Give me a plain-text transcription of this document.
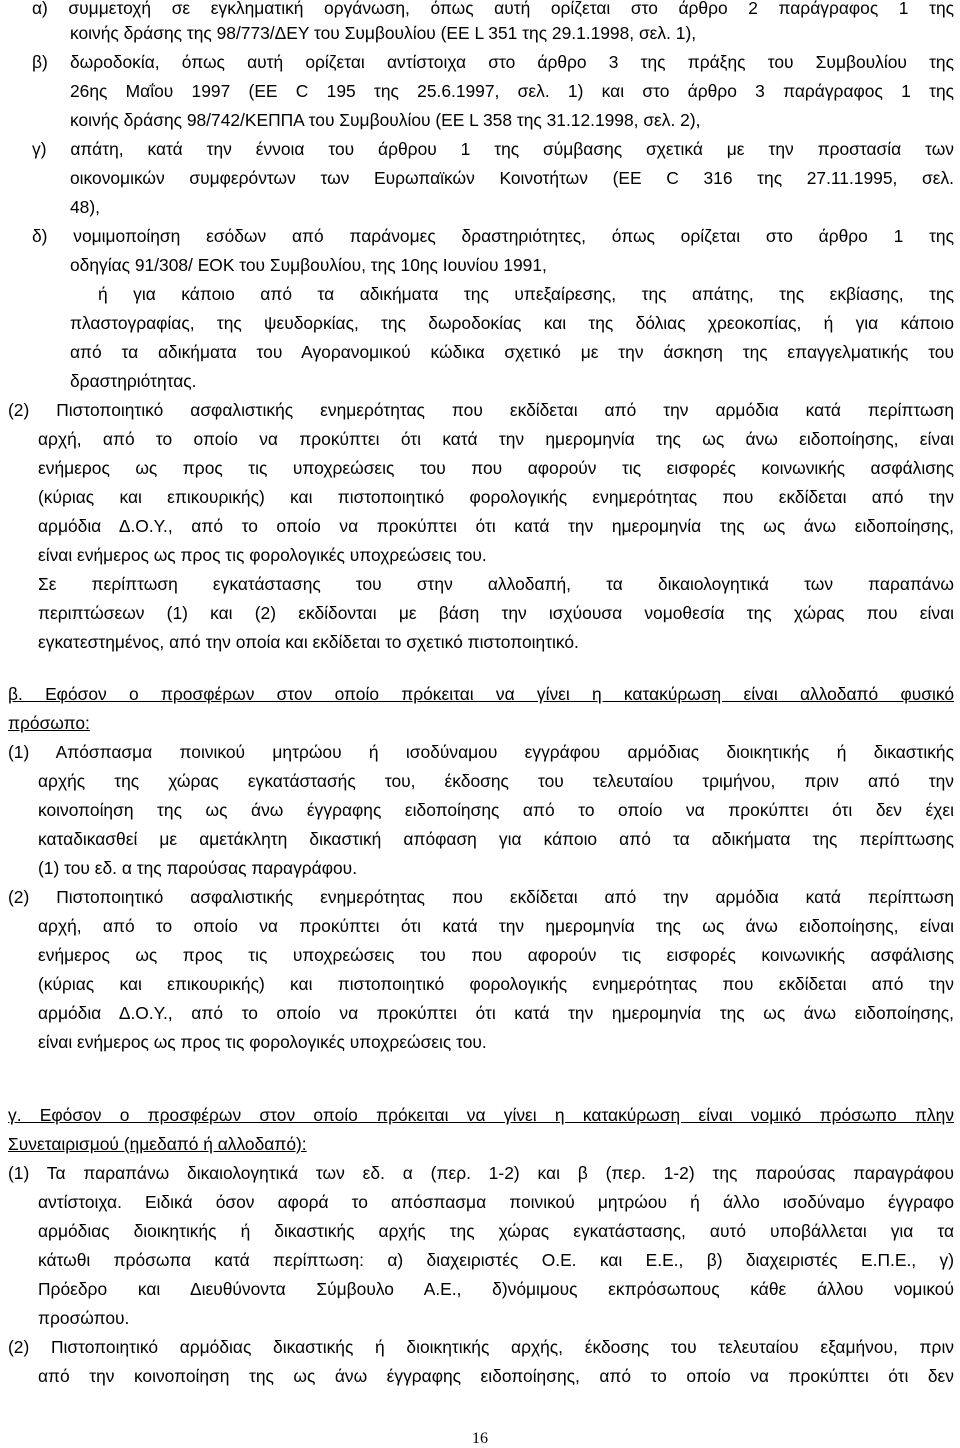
α) συμμετοχή σε εγκληματική οργάνωση, όπως αυτή ορίζεται στο άρθρο 2 παράγραφος 1 της
κοινής δράσης της 98/773/ΔΕΥ του Συμβουλίου (ΕΕ L 351 της 29.1.1998, σελ. 1),
β) δωροδοκία, όπως αυτή ορίζεται αντίστοιχα στο άρθρο 3 της πράξης του Συμβουλίου της
26ης Μαΐου 1997 (ΕΕ C 195 της 25.6.1997, σελ. 1) και στο άρθρο 3 παράγραφος 1 της
κοινής δράσης 98/742/ΚΕΠΠΑ του Συμβουλίου (ΕΕ L 358 της 31.12.1998, σελ. 2),
γ) απάτη, κατά την έννοια του άρθρου 1 της σύμβασης σχετικά με την προστασία των
οικονομικών συμφερόντων των Ευρωπαϊκών Κοινοτήτων (ΕΕ C 316 της 27.11.1995, σελ.
48),
δ) νομιμοποίηση εσόδων από παράνομες δραστηριότητες, όπως ορίζεται στο άρθρο 1 της
οδηγίας 91/308/ ΕΟΚ του Συμβουλίου, της 10ης Ιουνίου 1991,
ή για κάποιο από τα αδικήματα της υπεξαίρεσης, της απάτης, της εκβίασης, της
πλαστογραφίας, της ψευδορκίας, της δωροδοκίας και της δόλιας χρεοκοπίας, ή για κάποιο
από τα αδικήματα του Αγορανομικού κώδικα σχετικό με την άσκηση της επαγγελματικής του
δραστηριότητας.
(2) Πιστοποιητικό ασφαλιστικής ενημερότητας που εκδίδεται από την αρμόδια κατά περίπτωση
αρχή, από το οποίο να προκύπτει ότι κατά την ημερομηνία της ως άνω ειδοποίησης, είναι
ενήμερος ως προς τις υποχρεώσεις του που αφορούν τις εισφορές κοινωνικής ασφάλισης
(κύριας και επικουρικής) και πιστοποιητικό φορολογικής ενημερότητας που εκδίδεται από την
αρμόδια Δ.Ο.Υ., από το οποίο να προκύπτει ότι κατά την ημερομηνία της ως άνω ειδοποίησης,
είναι ενήμερος ως προς τις φορολογικές υποχρεώσεις του.
Σε περίπτωση εγκατάστασης του στην αλλοδαπή, τα δικαιολογητικά των παραπάνω
περιπτώσεων (1) και (2) εκδίδονται με βάση την ισχύουσα νομοθεσία της χώρας που είναι
εγκατεστημένος, από την οποία και εκδίδεται το σχετικό πιστοποιητικό.
β. Εφόσον ο προσφέρων στον οποίο πρόκειται να γίνει η κατακύρωση είναι αλλοδαπό φυσικό
πρόσωπο:
(1) Απόσπασμα ποινικού μητρώου ή ισοδύναμου εγγράφου αρμόδιας διοικητικής ή δικαστικής
αρχής της χώρας εγκατάστασής του, έκδοσης του τελευταίου τριμήνου, πριν από την
κοινοποίηση της ως άνω έγγραφης ειδοποίησης από το οποίο να προκύπτει ότι δεν έχει
καταδικασθεί με αμετάκλητη δικαστική απόφαση για κάποιο από τα αδικήματα της περίπτωσης
(1) του εδ. α της παρούσας παραγράφου.
(2) Πιστοποιητικό ασφαλιστικής ενημερότητας που εκδίδεται από την αρμόδια κατά περίπτωση
αρχή, από το οποίο να προκύπτει ότι κατά την ημερομηνία της ως άνω ειδοποίησης, είναι
ενήμερος ως προς τις υποχρεώσεις του που αφορούν τις εισφορές κοινωνικής ασφάλισης
(κύριας και επικουρικής) και πιστοποιητικό φορολογικής ενημερότητας που εκδίδεται από την
αρμόδια Δ.Ο.Υ., από το οποίο να προκύπτει ότι κατά την ημερομηνία της ως άνω ειδοποίησης,
είναι ενήμερος ως προς τις φορολογικές υποχρεώσεις του.
γ. Εφόσον ο προσφέρων στον οποίο πρόκειται να γίνει η κατακύρωση είναι νομικό πρόσωπο πλην
Συνεταιρισμού (ημεδαπό ή αλλοδαπό):
(1) Τα παραπάνω δικαιολογητικά των εδ. α (περ. 1-2) και β (περ. 1-2) της παρούσας παραγράφου
αντίστοιχα. Ειδικά όσον αφορά το απόσπασμα ποινικού μητρώου ή άλλο ισοδύναμο έγγραφο
αρμόδιας διοικητικής ή δικαστικής αρχής της χώρας εγκατάστασης, αυτό υποβάλλεται για τα
κάτωθι πρόσωπα κατά περίπτωση: α) διαχειριστές Ο.Ε. και Ε.Ε., β) διαχειριστές Ε.Π.Ε., γ)
Πρόεδρο και Διευθύνοντα Σύμβουλο Α.Ε., δ)νόμιμους εκπρόσωπους κάθε άλλου νομικού
προσώπου.
(2) Πιστοποιητικό αρμόδιας δικαστικής ή διοικητικής αρχής, έκδοσης του τελευταίου εξαμήνου, πριν
από την κοινοποίηση της ως άνω έγγραφης ειδοποίησης, από το οποίο να προκύπτει ότι δεν
16
